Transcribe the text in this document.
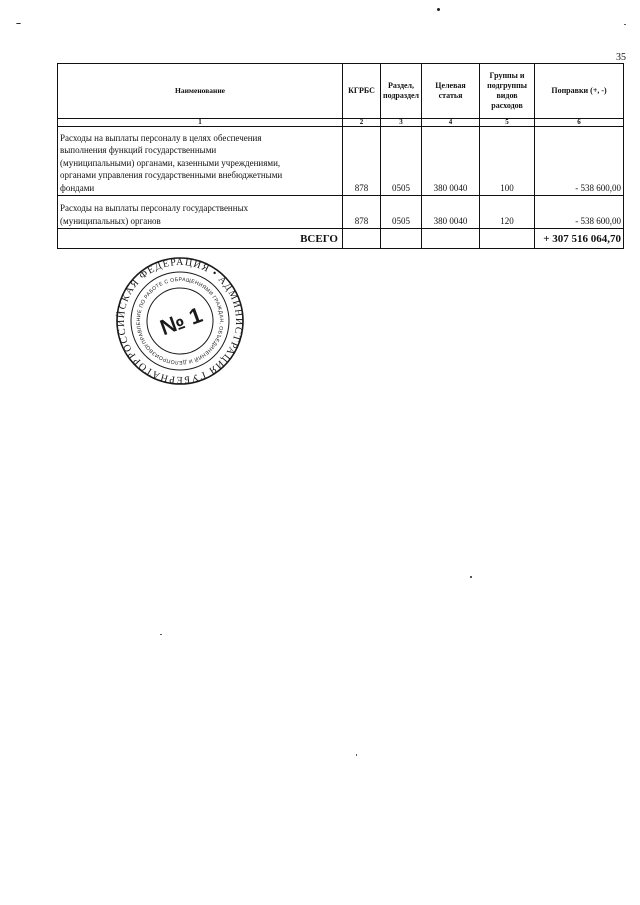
35
Наименование	КГРБС	Раздел,
подраздел	Целевая
статья	Группы и
подгруппы
видов
расходов	Поправки (+, -)
1	2	3	4	5	6
Расходы на выплаты персоналу в целях обеспечения
выполнения функций государственными
(муниципальными) органами, казенными учреждениями,
органами управления государственными внебюджетными
фондами	878	0505	380 0040	100	- 538 600,00
Расходы на выплаты персоналу государственных
(муниципальных) органов	878	0505	380 0040	120	- 538 600,00
ВСЕГО					+ 307 516 064,70
РОССИЙСКАЯ ФЕДЕРАЦИЯ • АДМИНИСТРАЦИЯ ГУБЕРНАТОРА
УПРАВЛЕНИЕ ПО РАБОТЕ С ОБРАЩЕНИЯМИ ГРАЖДАН, ОБЪЕДИНЕНИЙ И ДЕЛОПРОИЗВОДСТВА	№ 1
